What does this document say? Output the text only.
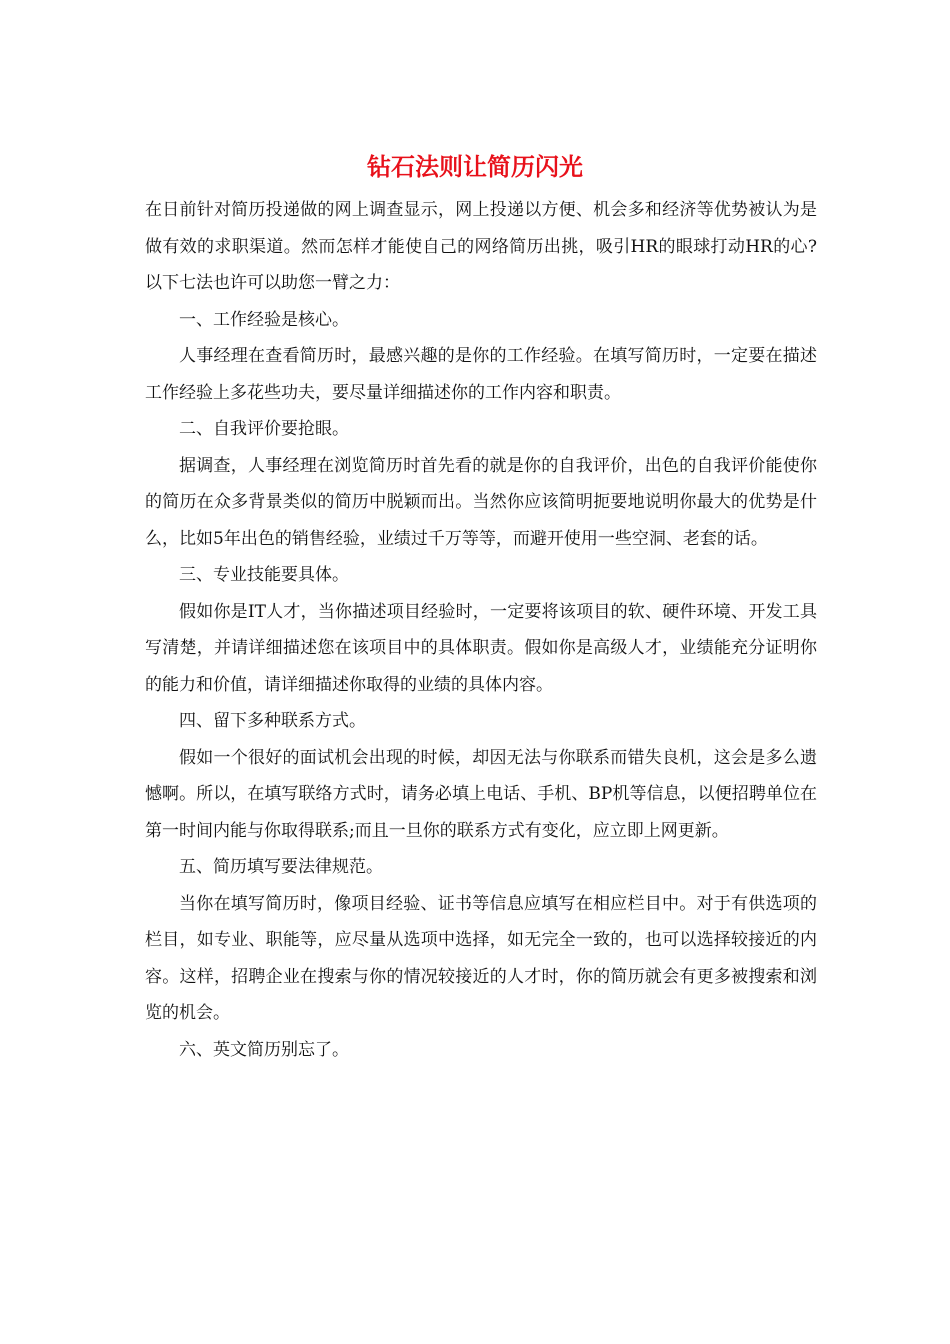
钻石法则让简历闪光

在日前针对简历投递做的网上调查显示，网上投递以方便、机会多和经济等优势被认为是做有效的求职渠道。然而怎样才能使自己的网络简历出挑，吸引HR的眼球打动HR的心?以下七法也许可以助您一臂之力：

一、工作经验是核心。

人事经理在查看简历时，最感兴趣的是你的工作经验。在填写简历时，一定要在描述工作经验上多花些功夫，要尽量详细描述你的工作内容和职责。

二、自我评价要抢眼。

据调查，人事经理在浏览简历时首先看的就是你的自我评价，出色的自我评价能使你的简历在众多背景类似的简历中脱颖而出。当然你应该简明扼要地说明你最大的优势是什么，比如5年出色的销售经验，业绩过千万等等，而避开使用一些空洞、老套的话。

三、专业技能要具体。

假如你是IT人才，当你描述项目经验时，一定要将该项目的软、硬件环境、开发工具写清楚，并请详细描述您在该项目中的具体职责。假如你是高级人才，业绩能充分证明你的能力和价值，请详细描述你取得的业绩的具体内容。

四、留下多种联系方式。

假如一个很好的面试机会出现的时候，却因无法与你联系而错失良机，这会是多么遗憾啊。所以，在填写联络方式时，请务必填上电话、手机、BP机等信息，以便招聘单位在第一时间内能与你取得联系;而且一旦你的联系方式有变化，应立即上网更新。

五、简历填写要法律规范。

当你在填写简历时，像项目经验、证书等信息应填写在相应栏目中。对于有供选项的栏目，如专业、职能等，应尽量从选项中选择，如无完全一致的，也可以选择较接近的内容。这样，招聘企业在搜索与你的情况较接近的人才时，你的简历就会有更多被搜索和浏览的机会。

六、英文简历别忘了。
